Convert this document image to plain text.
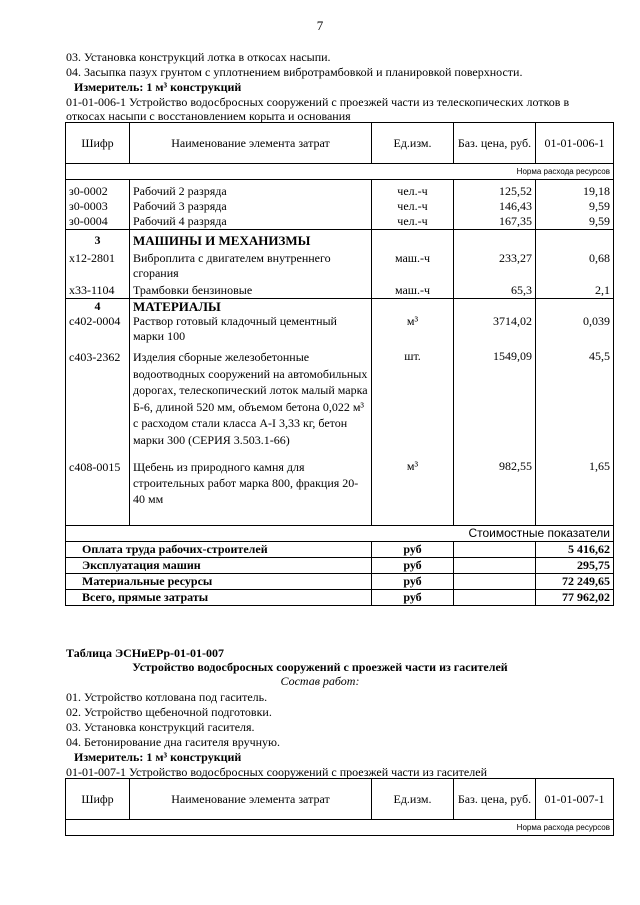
7
03. Установка конструкций лотка в откосах насыпи.
04. Засыпка пазух грунтом с уплотнением вибротрамбовкой и планировкой поверхности.
Измеритель: 1 м³ конструкций
01-01-006-1 Устройство водосбросных сооружений с проезжей части из телескопических лотков в
откосах насыпи с восстановлением корыта и основания
Шифр	Наименование элемента затрат	Ед.изм.	Баз. цена, руб.	01-01-006-1
Норма расхода ресурсов				

з0-0002	Рабочий 2 разряда	чел.-ч	125,52	19,18
з0-0003	Рабочий 3 разряда	чел.-ч	146,43	9,59
з0-0004	Рабочий 4 разряда	чел.-ч	167,35	9,59
3	МАШИНЫ И МЕХАНИЗМЫ			
х12-2801	Виброплита с двигателем внутреннего сгорания	маш.-ч	233,27	0,68
х33-1104	Трамбовки бензиновые	маш.-ч	65,3	2,1
4	МАТЕРИАЛЫ			
с402-0004	Раствор готовый кладочный цементный марки 100	м³	3714,02	0,039
с403-2362	Изделия сборные железобетонные водоотводных сооружений на автомобильных дорогах, телескопический лоток малый марка Б-6, длиной 520 мм, объемом бетона 0,022 м³ с расходом стали класса А-I 3,33 кг, бетон марки 300 (СЕРИЯ 3.503.1-66)	шт.	1549,09	45,5
с408-0015	Щебень из природного камня для строительных работ марка 800, фракция 20-40 мм	м³	982,55	1,65
Стоимостные показатели				
Оплата труда рабочих-строителей		руб		5 416,62
Эксплуатация машин		руб		295,75
Материальные ресурсы		руб		72 249,65
Всего, прямые затраты		руб		77 962,02
Таблица ЭСНиЕРр-01-01-007
Устройство водосбросных сооружений с проезжей части из гасителей
Состав работ:
01. Устройство котлована под гаситель.
02. Устройство щебеночной подготовки.
03. Установка конструкций гасителя.
04. Бетонирование дна гасителя вручную.
Измеритель: 1 м³ конструкций
01-01-007-1 Устройство водосбросных сооружений с проезжей части из гасителей
Шифр	Наименование элемента затрат	Ед.изм.	Баз. цена, руб.	01-01-007-1
Норма расхода ресурсов
